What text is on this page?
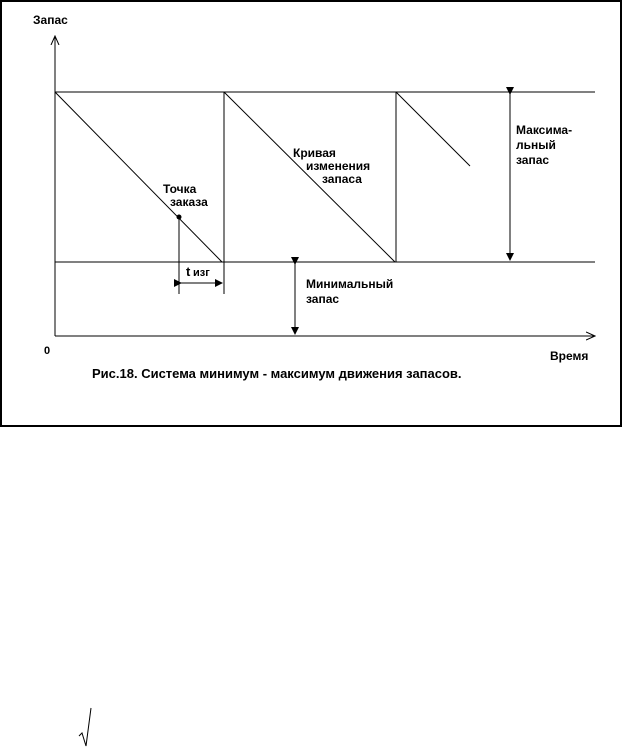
Запас
Время
0
Точка
заказа
Кривая
изменения
запаса
Максима-
льный
запас
Минимальный
запас
t изг
Рис.18. Система минимум - максимум движения запасов.
